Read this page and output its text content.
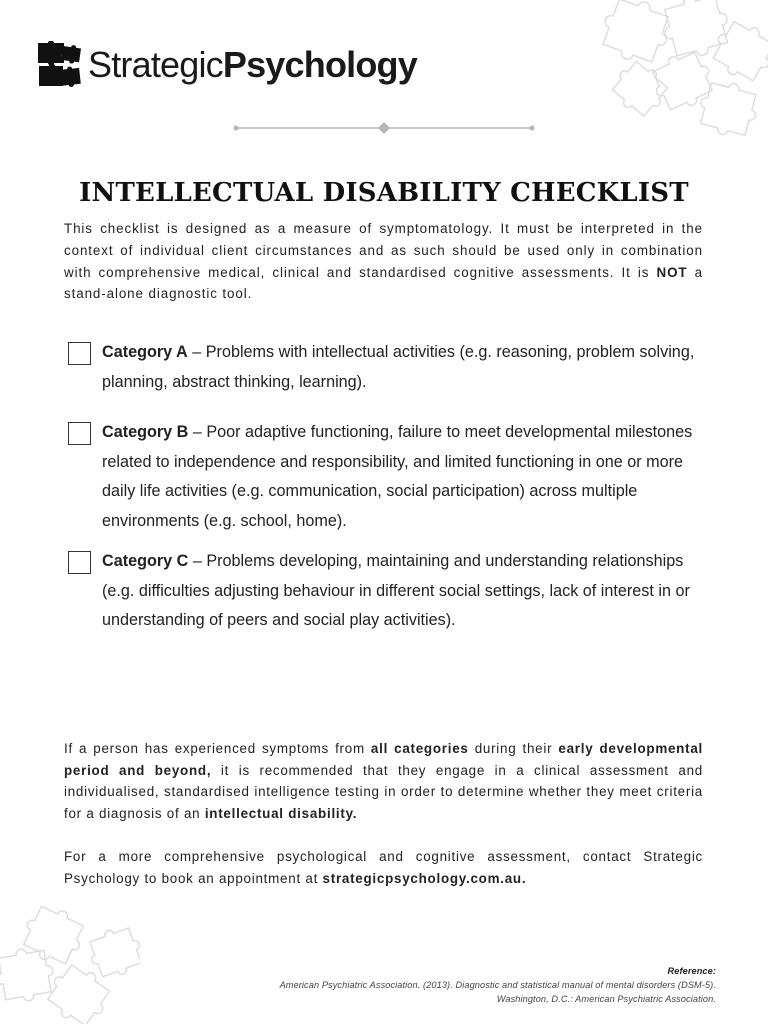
StrategicPsychology
INTELLECTUAL DISABILITY CHECKLIST

This checklist is designed as a measure of symptomatology. It must be interpreted in the context of individual client circumstances and as such should be used only in combination with comprehensive medical, clinical and standardised cognitive assessments. It is NOT a stand-alone diagnostic tool.

Category A – Problems with intellectual activities (e.g. reasoning, problem solving, planning, abstract thinking, learning).

Category B – Poor adaptive functioning, failure to meet developmental milestones related to independence and responsibility, and limited functioning in one or more daily life activities (e.g. communication, social participation) across multiple environments (e.g. school, home).

Category C – Problems developing, maintaining and understanding relationships (e.g. difficulties adjusting behaviour in different social settings, lack of interest in or understanding of peers and social play activities).

If a person has experienced symptoms from all categories during their early developmental period and beyond, it is recommended that they engage in a clinical assessment and individualised, standardised intelligence testing in order to determine whether they meet criteria for a diagnosis of an intellectual disability.

For a more comprehensive psychological and cognitive assessment, contact Strategic Psychology to book an appointment at strategicpsychology.com.au.

Reference:
American Psychiatric Association. (2013). Diagnostic and statistical manual of mental disorders (DSM-5).
Washington, D.C.: American Psychiatric Association.
